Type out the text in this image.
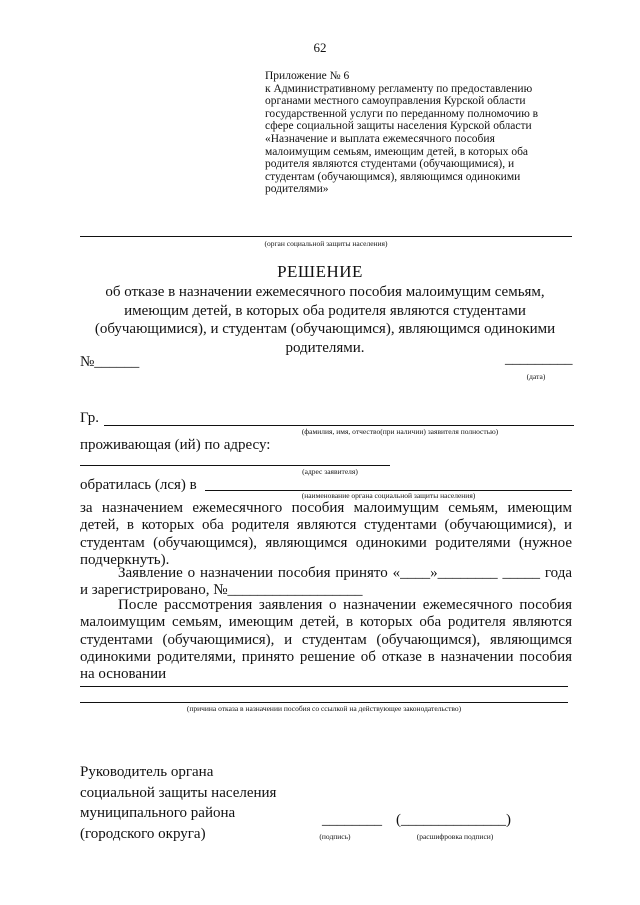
62
Приложение № 6
к Административному регламенту по предоставлению
органами местного самоуправления Курской области
государственной услуги по переданному полномочию в
сфере социальной защиты населения Курской области
«Назначение и выплата ежемесячного пособия
малоимущим семьям, имеющим детей, в которых оба
родителя являются студентами (обучающимися), и
студентам (обучающимся), являющимся одинокими
родителями»
(орган социальной защиты населения)
РЕШЕНИЕ
об отказе в назначении ежемесячного пособия малоимущим семьям,
имеющим детей, в которых оба родителя являются студентами
(обучающимися), и студентам (обучающимся), являющимся одинокими
родителями.
№______	_________
(дата)
Гр.
(фамилия, имя, отчество(при наличии) заявителя полностью)
проживающая (ий) по адресу:
(адрес заявителя)
обратилась (лся) в
(наименование органа социальной защиты населения)
за назначением ежемесячного пособия малоимущим семьям, имеющим
детей, в которых оба родителя являются студентами (обучающимися), и
студентам (обучающимся), являющимся одинокими родителями (нужное
подчеркнуть).
Заявление о назначении пособия принято «____»________ _____ года
и зарегистрировано, №__________________
После рассмотрения заявления о назначении ежемесячного пособия
малоимущим семьям, имеющим детей, в которых оба родителя являются
студентами (обучающимися), и студентам (обучающимся), являющимся
одинокими родителями, принято решение об отказе в назначении пособия
на основании
(причина отказа в назначении пособия со ссылкой на действующее законодательство)
Руководитель органа
социальной защиты населения
муниципального района
(городского округа)
________ (______________)
(подпись)	(расшифровка подписи)
